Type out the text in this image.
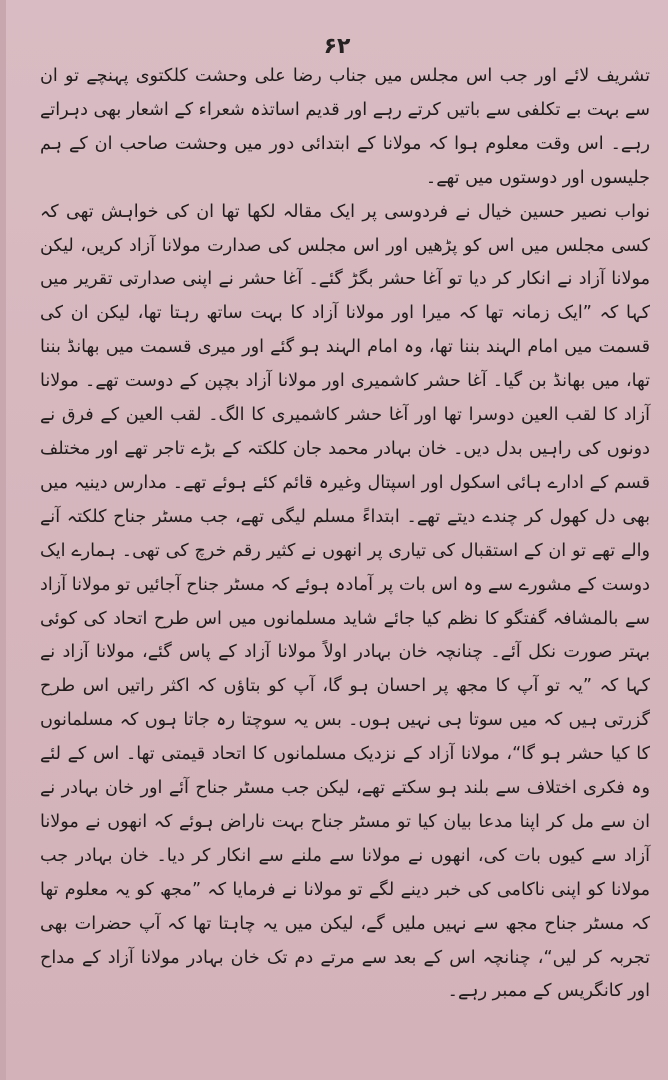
۶۲

تشریف لائے اور جب اس مجلس میں جناب رضا علی وحشت کلکتوی پہنچے تو ان سے بہت بے تکلفی سے باتیں کرتے رہے اور قدیم اساتذہ شعراء کے اشعار بھی دہراتے رہے۔ اس وقت معلوم ہوا کہ مولانا کے ابتدائی دور میں وحشت صاحب ان کے ہم جلیسوں اور دوستوں میں تھے۔

نواب نصیر حسین خیال نے فردوسی پر ایک مقالہ لکھا تھا ان کی خواہش تھی کہ کسی مجلس میں اس کو پڑھیں اور اس مجلس کی صدارت مولانا آزاد کریں، لیکن مولانا آزاد نے انکار کر دیا تو آغا حشر بگڑ گئے۔ آغا حشر نے اپنی صدارتی تقریر میں کہا کہ ”ایک زمانہ تھا کہ میرا اور مولانا آزاد کا بہت ساتھ رہتا تھا، لیکن ان کی قسمت میں امام الہند بننا تھا، وہ امام الہند ہو گئے اور میری قسمت میں بھانڈ بننا تھا، میں بھانڈ بن گیا۔ آغا حشر کاشمیری اور مولانا آزاد بچپن کے دوست تھے۔ مولانا آزاد کا لقب العین دوسرا تھا اور آغا حشر کاشمیری کا الگ۔ لقب العین کے فرق نے دونوں کی راہیں بدل دیں۔ خان بہادر محمد جان کلکتہ کے بڑے تاجر تھے اور مختلف قسم کے ادارے ہائی اسکول اور اسپتال وغیرہ قائم کئے ہوئے تھے۔ مدارس دینیہ میں بھی دل کھول کر چندے دیتے تھے۔ ابتداءً مسلم لیگی تھے، جب مسٹر جناح کلکتہ آنے والے تھے تو ان کے استقبال کی تیاری پر انھوں نے کثیر رقم خرچ کی تھی۔ ہمارے ایک دوست کے مشورے سے وہ اس بات پر آمادہ ہوئے کہ مسٹر جناح آجائیں تو مولانا آزاد سے بالمشافہ گفتگو کا نظم کیا جائے شاید مسلمانوں میں اس طرح اتحاد کی کوئی بہتر صورت نکل آئے۔ چنانچہ خان بہادر اولاً مولانا آزاد کے پاس گئے، مولانا آزاد نے کہا کہ ”یہ تو آپ کا مجھ پر احسان ہو گا، آپ کو بتاؤں کہ اکثر راتیں اس طرح گزرتی ہیں کہ میں سوتا ہی نہیں ہوں۔ بس یہ سوچتا رہ جاتا ہوں کہ مسلمانوں کا کیا حشر ہو گا“، مولانا آزاد کے نزدیک مسلمانوں کا اتحاد قیمتی تھا۔ اس کے لئے وہ فکری اختلاف سے بلند ہو سکتے تھے، لیکن جب مسٹر جناح آئے اور خان بہادر نے ان سے مل کر اپنا مدعا بیان کیا تو مسٹر جناح بہت ناراض ہوئے کہ انھوں نے مولانا آزاد سے کیوں بات کی، انھوں نے مولانا سے ملنے سے انکار کر دیا۔ خان بہادر جب مولانا کو اپنی ناکامی کی خبر دینے لگے تو مولانا نے فرمایا کہ ”مجھ کو یہ معلوم تھا کہ مسٹر جناح مجھ سے نہیں ملیں گے، لیکن میں یہ چاہتا تھا کہ آپ حضرات بھی تجربہ کر لیں“، چنانچہ اس کے بعد سے مرتے دم تک خان بہادر مولانا آزاد کے مداح اور کانگریس کے ممبر رہے۔
